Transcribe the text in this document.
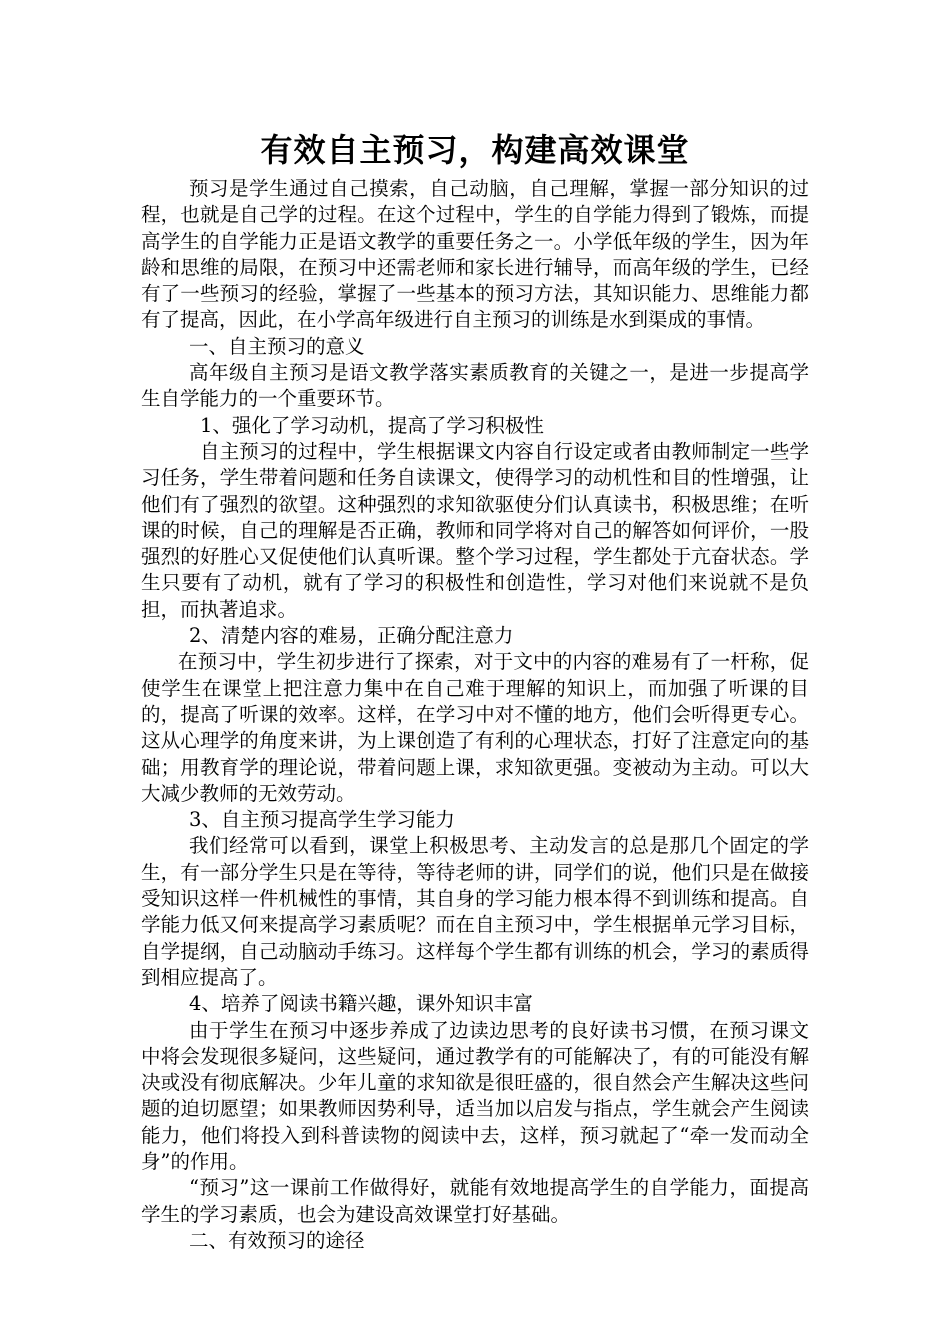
有效自主预习，构建高效课堂

预习是学生通过自己摸索，自己动脑，自己理解，掌握一部分知识的过程，也就是自己学的过程。在这个过程中，学生的自学能力得到了锻炼，而提高学生的自学能力正是语文教学的重要任务之一。小学低年级的学生，因为年龄和思维的局限，在预习中还需老师和家长进行辅导，而高年级的学生，已经有了一些预习的经验，掌握了一些基本的预习方法，其知识能力、思维能力都有了提高，因此，在小学高年级进行自主预习的训练是水到渠成的事情。

一、自主预习的意义

高年级自主预习是语文教学落实素质教育的关键之一，是进一步提高学生自学能力的一个重要环节。

1、强化了学习动机，提高了学习积极性

自主预习的过程中，学生根据课文内容自行设定或者由教师制定一些学习任务，学生带着问题和任务自读课文，使得学习的动机性和目的性增强，让他们有了强烈的欲望。这种强烈的求知欲驱使分们认真读书，积极思维；在听课的时候，自己的理解是否正确，教师和同学将对自己的解答如何评价，一股强烈的好胜心又促使他们认真听课。整个学习过程，学生都处于亢奋状态。学生只要有了动机，就有了学习的积极性和创造性，学习对他们来说就不是负担，而执著追求。

2、清楚内容的难易，正确分配注意力

在预习中，学生初步进行了探索，对于文中的内容的难易有了一杆称，促使学生在课堂上把注意力集中在自己难于理解的知识上，而加强了听课的目的，提高了听课的效率。这样，在学习中对不懂的地方，他们会听得更专心。这从心理学的角度来讲，为上课创造了有利的心理状态，打好了注意定向的基础；用教育学的理论说，带着问题上课，求知欲更强。变被动为主动。可以大大减少教师的无效劳动。

3、自主预习提高学生学习能力

我们经常可以看到，课堂上积极思考、主动发言的总是那几个固定的学生，有一部分学生只是在等待，等待老师的讲，同学们的说，他们只是在做接受知识这样一件机械性的事情，其自身的学习能力根本得不到训练和提高。自学能力低又何来提高学习素质呢？而在自主预习中，学生根据单元学习目标，自学提纲，自己动脑动手练习。这样每个学生都有训练的机会，学习的素质得到相应提高了。

4、培养了阅读书籍兴趣，课外知识丰富

由于学生在预习中逐步养成了边读边思考的良好读书习惯，在预习课文中将会发现很多疑问，这些疑问，通过教学有的可能解决了，有的可能没有解决或没有彻底解决。少年儿童的求知欲是很旺盛的，很自然会产生解决这些问题的迫切愿望；如果教师因势利导，适当加以启发与指点，学生就会产生阅读能力，他们将投入到科普读物的阅读中去，这样，预习就起了“牵一发而动全身”的作用。

“预习”这一课前工作做得好，就能有效地提高学生的自学能力，面提高学生的学习素质，也会为建设高效课堂打好基础。

二、有效预习的途径
